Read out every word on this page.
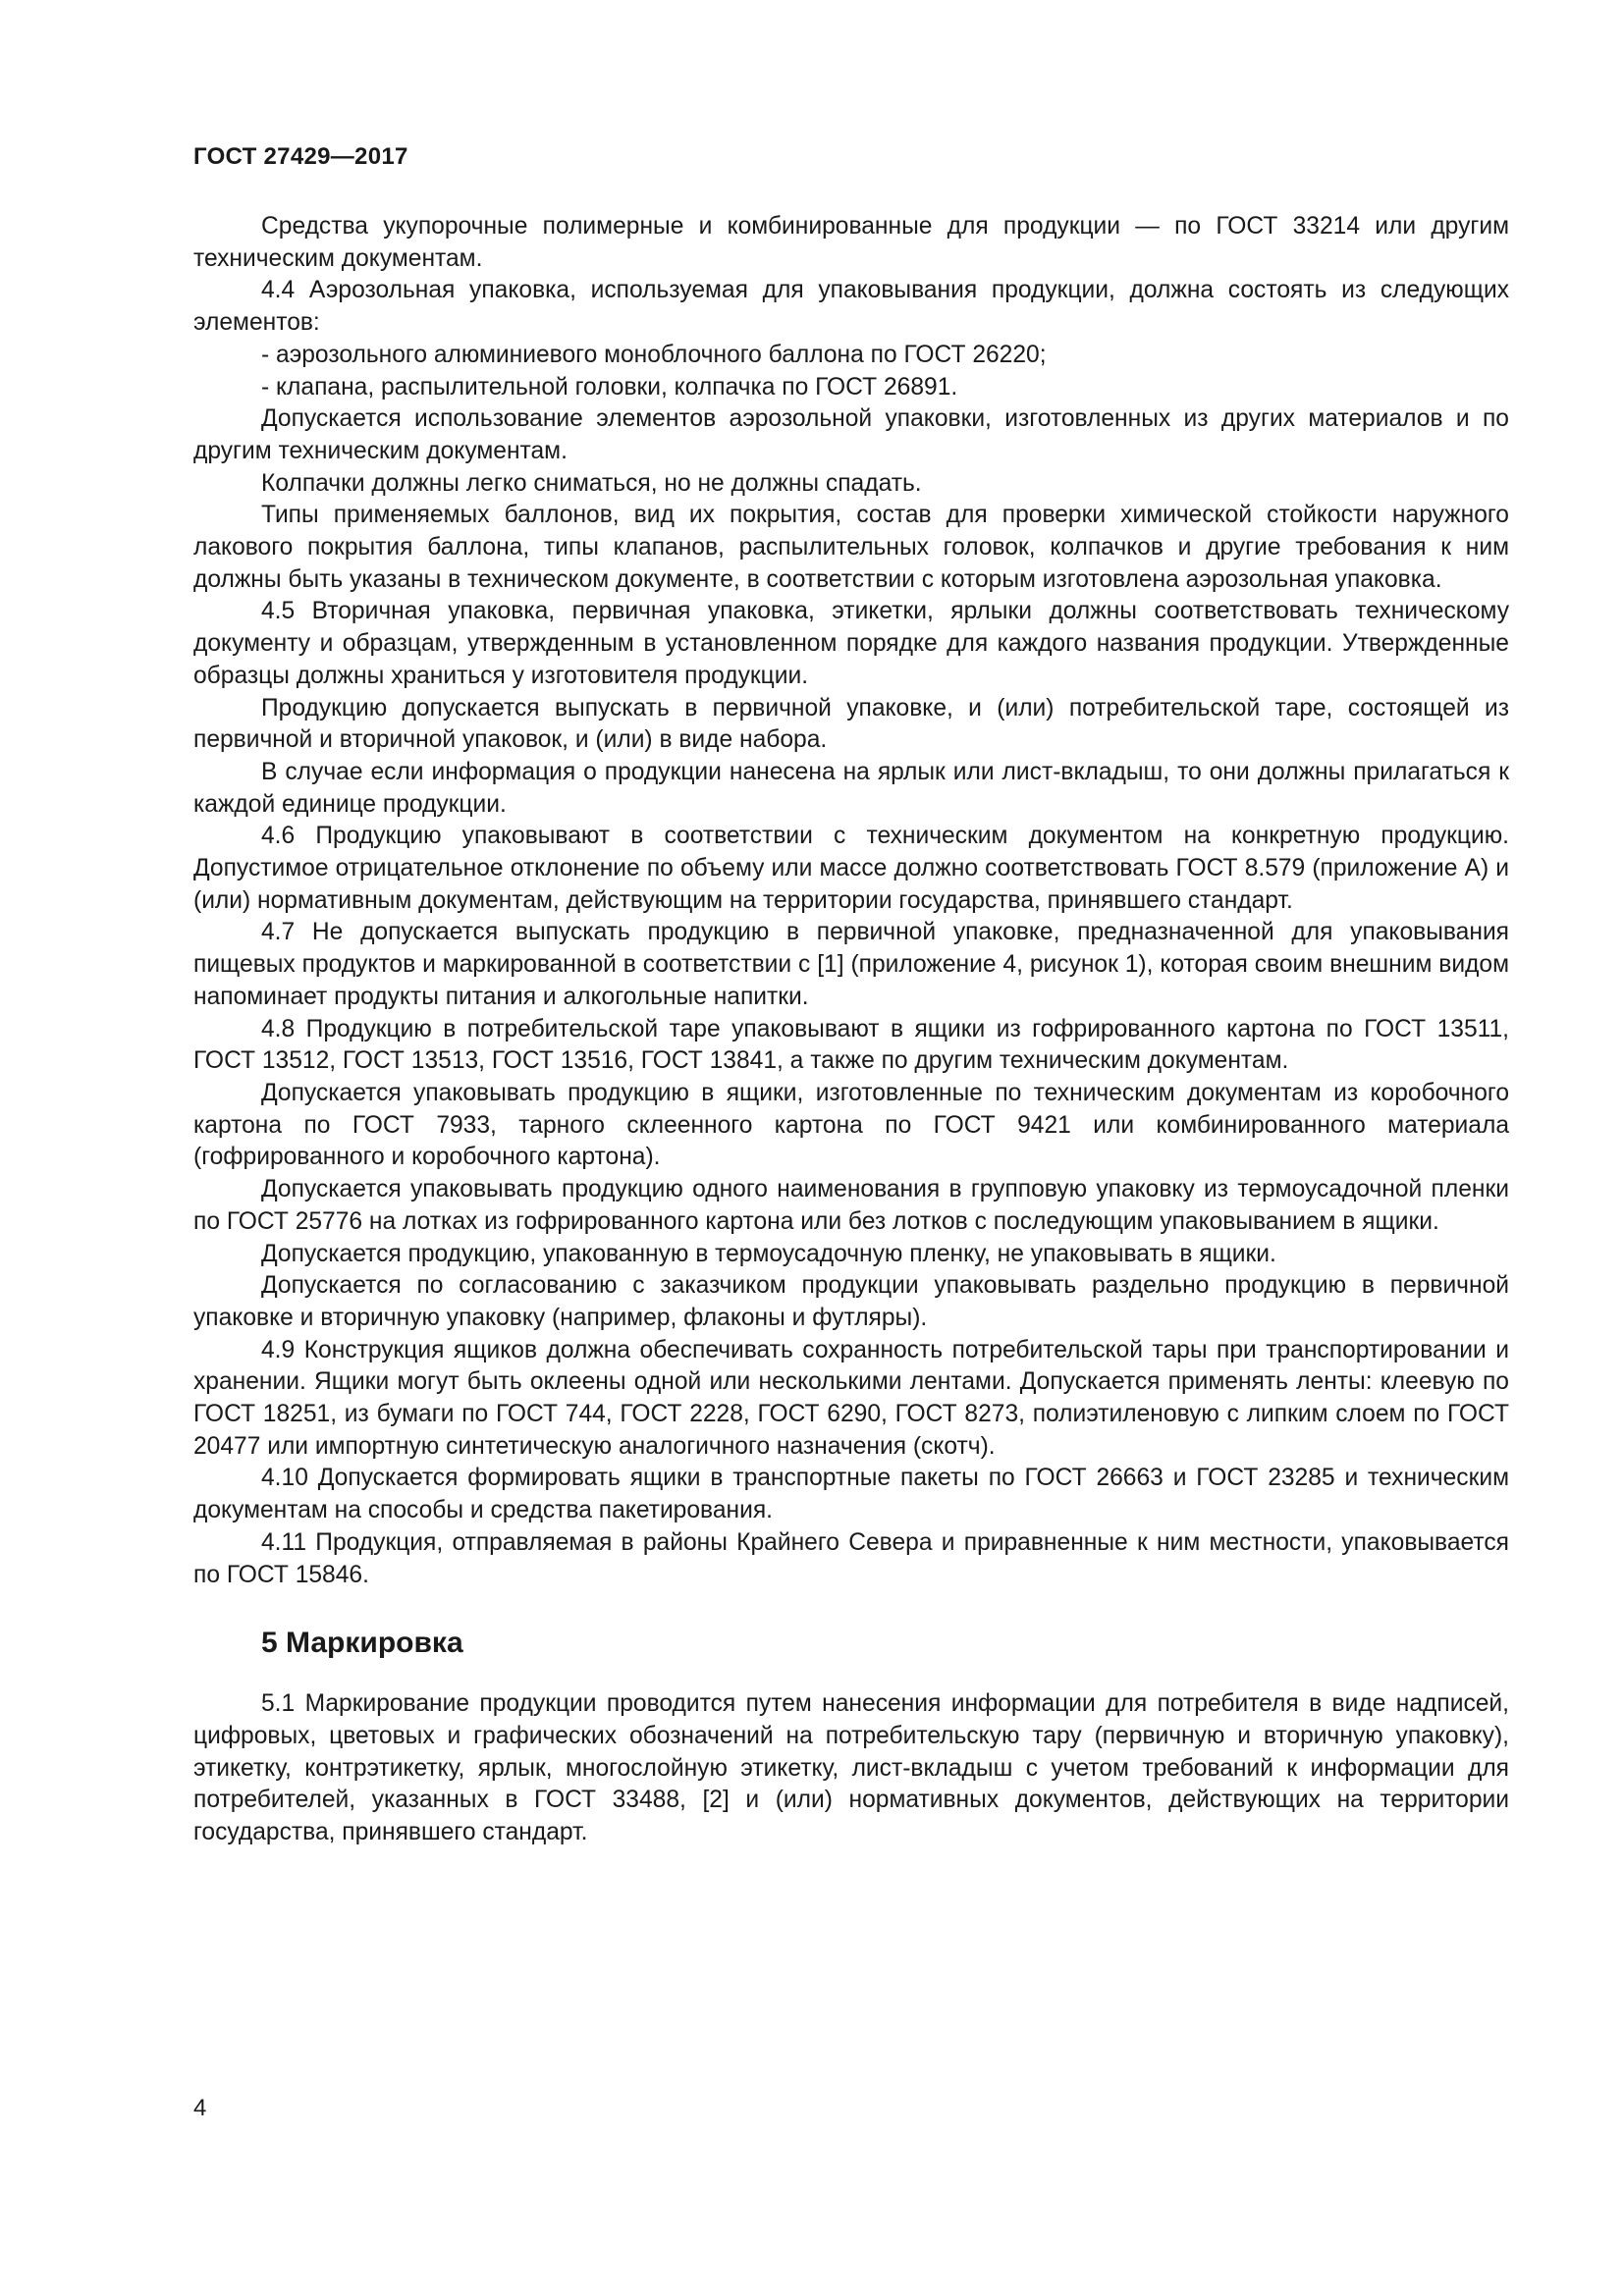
ГОСТ 27429—2017

Средства укупорочные полимерные и комбинированные для продукции — по ГОСТ 33214 или другим техническим документам.

4.4 Аэрозольная упаковка, используемая для упаковывания продукции, должна состоять из следующих элементов:

- аэрозольного алюминиевого моноблочного баллона по ГОСТ 26220;

- клапана, распылительной головки, колпачка по ГОСТ 26891.

Допускается использование элементов аэрозольной упаковки, изготовленных из других материалов и по другим техническим документам.

Колпачки должны легко сниматься, но не должны спадать.

Типы применяемых баллонов, вид их покрытия, состав для проверки химической стойкости наружного лакового покрытия баллона, типы клапанов, распылительных головок, колпачков и другие требования к ним должны быть указаны в техническом документе, в соответствии с которым изготовлена аэрозольная упаковка.

4.5 Вторичная упаковка, первичная упаковка, этикетки, ярлыки должны соответствовать техническому документу и образцам, утвержденным в установленном порядке для каждого названия продукции. Утвержденные образцы должны храниться у изготовителя продукции.

Продукцию допускается выпускать в первичной упаковке, и (или) потребительской таре, состоящей из первичной и вторичной упаковок, и (или) в виде набора.

В случае если информация о продукции нанесена на ярлык или лист-вкладыш, то они должны прилагаться к каждой единице продукции.

4.6 Продукцию упаковывают в соответствии с техническим документом на конкретную продукцию. Допустимое отрицательное отклонение по объему или массе должно соответствовать ГОСТ 8.579 (приложение А) и (или) нормативным документам, действующим на территории государства, принявшего стандарт.

4.7 Не допускается выпускать продукцию в первичной упаковке, предназначенной для упаковывания пищевых продуктов и маркированной в соответствии с [1] (приложение 4, рисунок 1), которая своим внешним видом напоминает продукты питания и алкогольные напитки.

4.8 Продукцию в потребительской таре упаковывают в ящики из гофрированного картона по ГОСТ 13511, ГОСТ 13512, ГОСТ 13513, ГОСТ 13516, ГОСТ 13841, а также по другим техническим документам.

Допускается упаковывать продукцию в ящики, изготовленные по техническим документам из коробочного картона по ГОСТ 7933, тарного склеенного картона по ГОСТ 9421 или комбинированного материала (гофрированного и коробочного картона).

Допускается упаковывать продукцию одного наименования в групповую упаковку из термоусадочной пленки по ГОСТ 25776 на лотках из гофрированного картона или без лотков с последующим упаковыванием в ящики.

Допускается продукцию, упакованную в термоусадочную пленку, не упаковывать в ящики.

Допускается по согласованию с заказчиком продукции упаковывать раздельно продукцию в первичной упаковке и вторичную упаковку (например, флаконы и футляры).

4.9 Конструкция ящиков должна обеспечивать сохранность потребительской тары при транспортировании и хранении. Ящики могут быть оклеены одной или несколькими лентами. Допускается применять ленты: клеевую по ГОСТ 18251, из бумаги по ГОСТ 744, ГОСТ 2228, ГОСТ 6290, ГОСТ 8273, полиэтиленовую с липким слоем по ГОСТ 20477 или импортную синтетическую аналогичного назначения (скотч).

4.10 Допускается формировать ящики в транспортные пакеты по ГОСТ 26663 и ГОСТ 23285 и техническим документам на способы и средства пакетирования.

4.11 Продукция, отправляемая в районы Крайнего Севера и приравненные к ним местности, упаковывается по ГОСТ 15846.

5 Маркировка

5.1 Маркирование продукции проводится путем нанесения информации для потребителя в виде надписей, цифровых, цветовых и графических обозначений на потребительскую тару (первичную и вторичную упаковку), этикетку, контрэтикетку, ярлык, многослойную этикетку, лист-вкладыш с учетом требований к информации для потребителей, указанных в ГОСТ 33488, [2] и (или) нормативных документов, действующих на территории государства, принявшего стандарт.

4
